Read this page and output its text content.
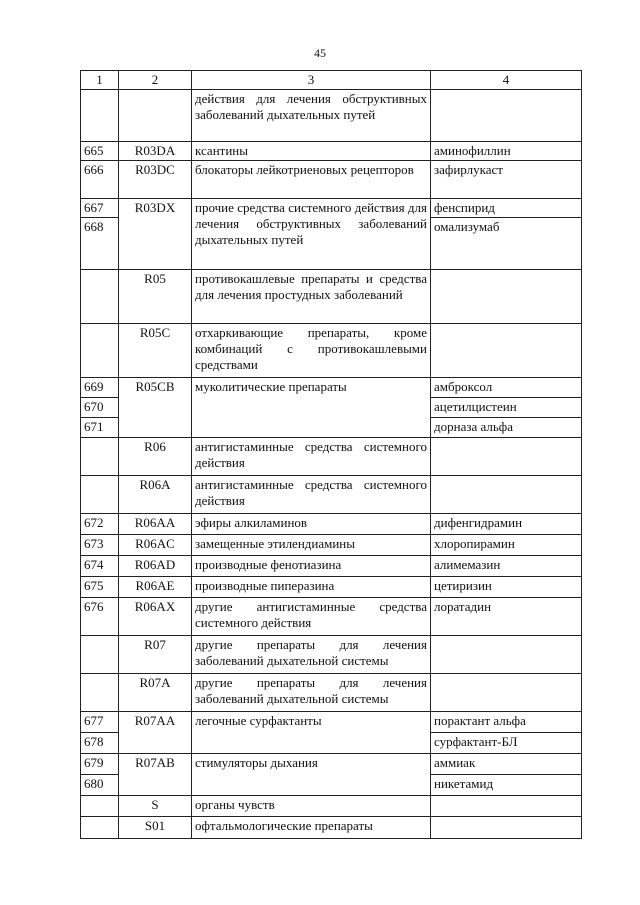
45
1	2	3	4
		действия для лечения обструктивных заболеваний дыхательных путей	
665	R03DA	ксантины	аминофиллин
666	R03DC	блокаторы лейкотриеновых рецепторов	зафирлукаст
667	R03DX	прочие средства системного действия для лечения обструктивных заболеваний дыхательных путей	фенспирид
668			омализумаб
	R05	противокашлевые препараты и средства для лечения простудных заболеваний	
	R05C	отхаркивающие препараты, кроме комбинаций с противокашлевыми средствами	
669	R05CB	муколитические препараты	амброксол
670			ацетилцистеин
671			дорназа альфа
	R06	антигистаминные средства системного действия	
	R06A	антигистаминные средства системного действия	
672	R06AA	эфиры алкиламинов	дифенгидрамин
673	R06AC	замещенные этилендиамины	хлоропирамин
674	R06AD	производные фенотиазина	алимемазин
675	R06AE	производные пиперазина	цетиризин
676	R06AX	другие антигистаминные средства системного действия	лоратадин
	R07	другие препараты для лечения заболеваний дыхательной системы	
	R07A	другие препараты для лечения заболеваний дыхательной системы	
677	R07AA	легочные сурфактанты	порактант альфа
678			сурфактант-БЛ
679	R07AB	стимуляторы дыхания	аммиак
680			никетамид
	S	органы чувств	
	S01	офтальмологические препараты	
